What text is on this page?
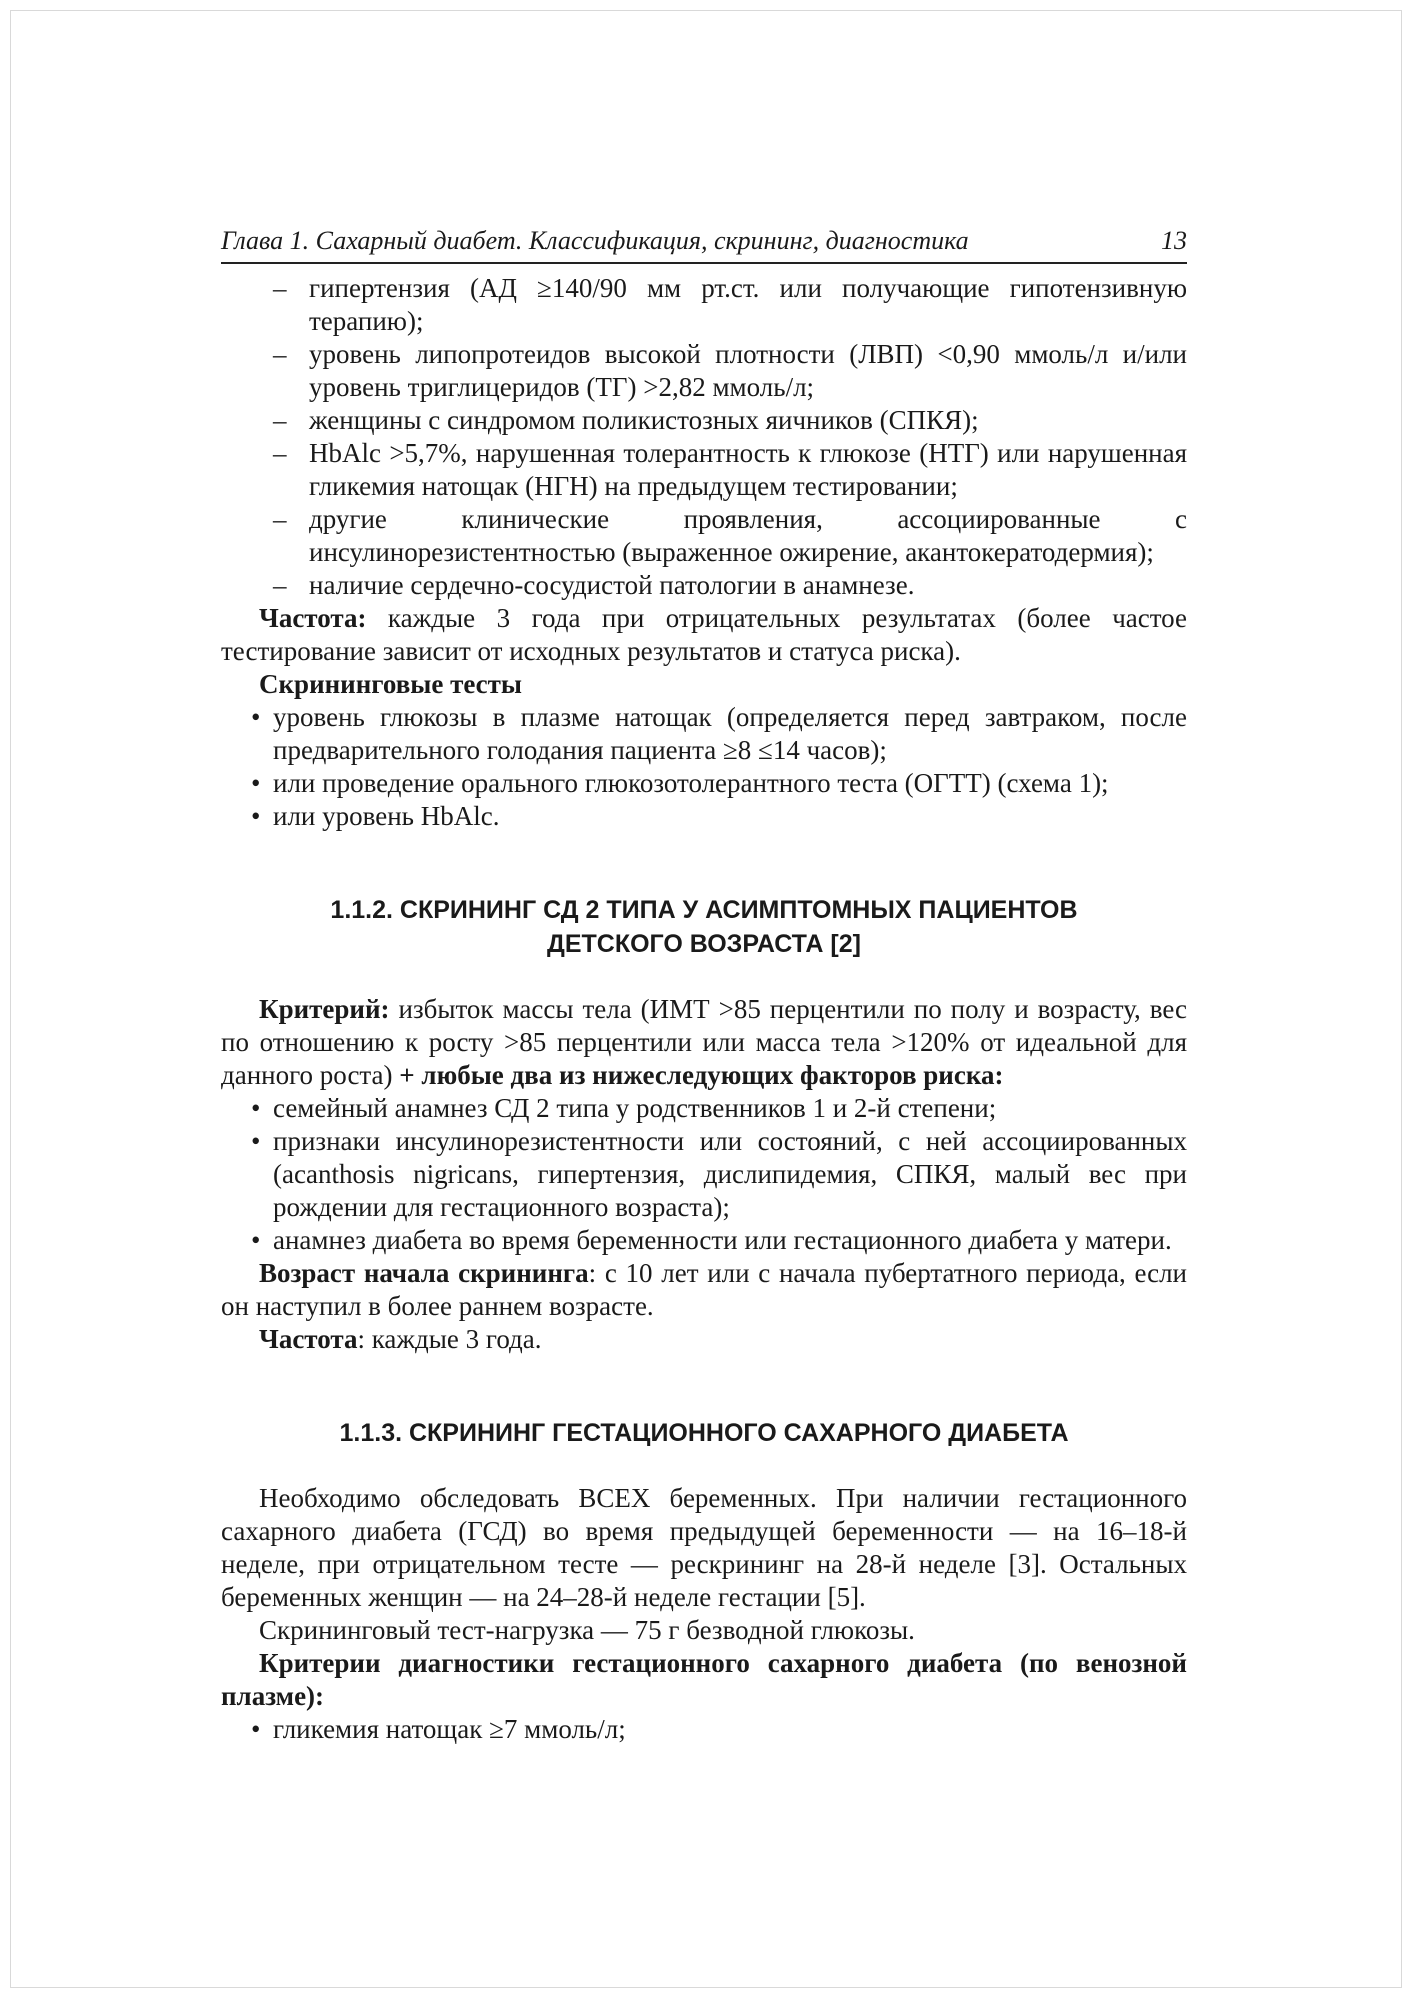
Глава 1. Сахарный диабет. Классификация, скрининг, диагностика	13
– гипертензия (АД ≥140/90 мм рт.ст. или получающие гипотензивную терапию);
– уровень липопротеидов высокой плотности (ЛВП) <0,90 ммоль/л и/или уровень триглицеридов (ТГ) >2,82 ммоль/л;
– женщины с синдромом поликистозных яичников (СПКЯ);
– HbAlc >5,7%, нарушенная толерантность к глюкозе (НТГ) или нарушенная гликемия натощак (НГН) на предыдущем тестировании;
– другие клинические проявления, ассоциированные с инсулинорезистентностью (выраженное ожирение, акантокератодермия);
– наличие сердечно-сосудистой патологии в анамнезе.

Частота: каждые 3 года при отрицательных результатах (более частое тестирование зависит от исходных результатов и статуса риска).

Скрининговые тесты

• уровень глюкозы в плазме натощак (определяется перед завтраком, после предварительного голодания пациента ≥8 ≤14 часов);
• или проведение орального глюкозотолерантного теста (ОГТТ) (схема 1);
• или уровень HbAlc.
1.1.2. СКРИНИНГ СД 2 ТИПА У АСИМПТОМНЫХ ПАЦИЕНТОВ ДЕТСКОГО ВОЗРАСТА [2]

Критерий: избыток массы тела (ИМТ >85 перцентили по полу и возрасту, вес по отношению к росту >85 перцентили или масса тела >120% от идеальной для данного роста) + любые два из нижеследующих факторов риска:

• семейный анамнез СД 2 типа у родственников 1 и 2-й степени;
• признаки инсулинорезистентности или состояний, с ней ассоциированных (acanthosis nigricans, гипертензия, дислипидемия, СПКЯ, малый вес при рождении для гестационного возраста);
• анамнез диабета во время беременности или гестационного диабета у матери.

Возраст начала скрининга: с 10 лет или с начала пубертатного периода, если он наступил в более раннем возрасте.

Частота: каждые 3 года.

1.1.3. СКРИНИНГ ГЕСТАЦИОННОГО САХАРНОГО ДИАБЕТА

Необходимо обследовать ВСЕХ беременных. При наличии гестационного сахарного диабета (ГСД) во время предыдущей беременности — на 16–18-й неделе, при отрицательном тесте — рескрининг на 28-й неделе [3]. Остальных беременных женщин — на 24–28-й неделе гестации [5].

Скрининговый тест-нагрузка — 75 г безводной глюкозы.

Критерии диагностики гестационного сахарного диабета (по венозной плазме):

• гликемия натощак ≥7 ммоль/л;
